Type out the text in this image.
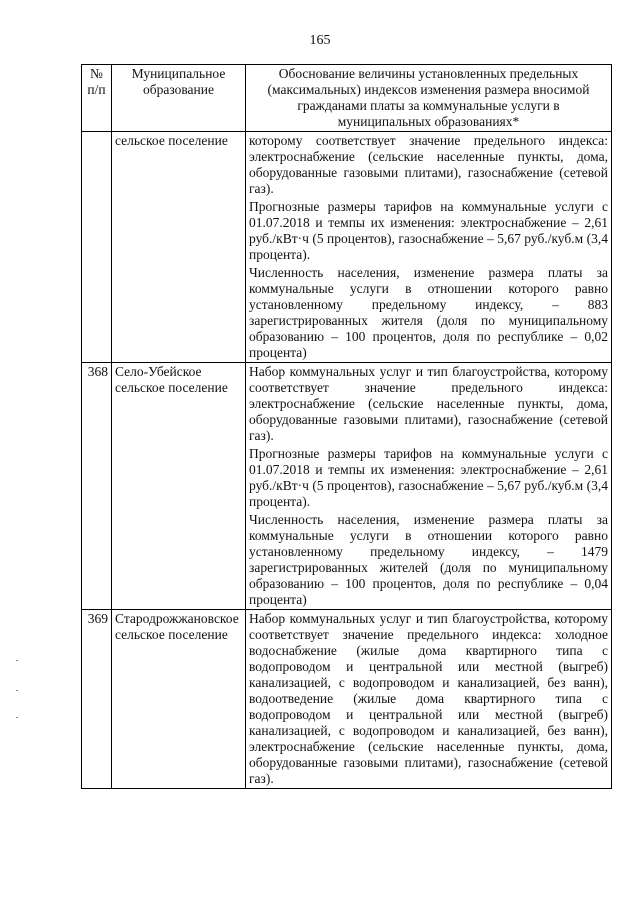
165
№ п/п	Муниципальное образование	Обоснование величины установленных предельных (максимальных) индексов изменения размера вносимой гражданами платы за коммунальные услуги в муниципальных образованиях*
	сельское поселение	которому соответствует значение предельного индекса: электроснабжение (сельские населенные пункты, дома, оборудованные газовыми плитами), газоснабжение (сетевой газ).

Прогнозные размеры тарифов на коммунальные услуги с 01.07.2018 и темпы их изменения: электроснабжение – 2,61 руб./кВт·ч (5 процентов), газоснабжение – 5,67 руб./куб.м (3,4 процента).

Численность населения, изменение размера платы за коммунальные услуги в отношении которого равно установленному предельному индексу, – 883 зарегистрированных жителя (доля по муниципальному образованию – 100 процентов, доля по республике – 0,02 процента)

368	Село-Убейское сельское поселение	Набор коммунальных услуг и тип благоустройства, которому соответствует значение предельного индекса: электроснабжение (сельские населенные пункты, дома, оборудованные газовыми плитами), газоснабжение (сетевой газ).

Прогнозные размеры тарифов на коммунальные услуги с 01.07.2018 и темпы их изменения: электроснабжение – 2,61 руб./кВт·ч (5 процентов), газоснабжение – 5,67 руб./куб.м (3,4 процента).

Численность населения, изменение размера платы за коммунальные услуги в отношении которого равно установленному предельному индексу, – 1479 зарегистрированных жителей (доля по муниципальному образованию – 100 процентов, доля по республике – 0,04 процента)

369	Стародрожжановское сельское поселение	Набор коммунальных услуг и тип благоустройства, которому соответствует значение предельного индекса: холодное водоснабжение (жилые дома квартирного типа с водопроводом и центральной или местной (выгреб) канализацией, с водопроводом и канализацией, без ванн), водоотведение (жилые дома квартирного типа с водопроводом и центральной или местной (выгреб) канализацией, с водопроводом и канализацией, без ванн), электроснабжение (сельские населенные пункты, дома, оборудованные газовыми плитами), газоснабжение (сетевой газ).
